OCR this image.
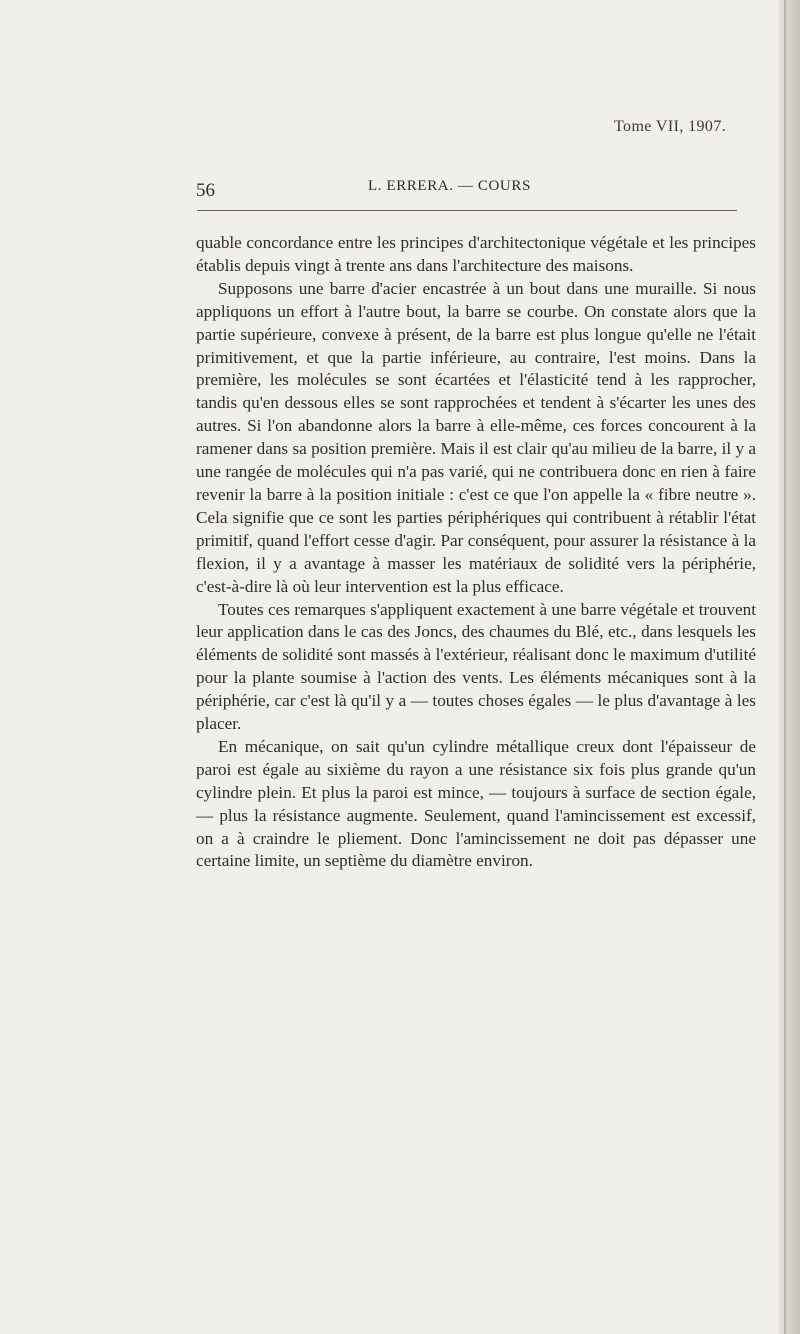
Tome VII, 1907.
56	L. ERRERA. — COURS

quable concordance entre les principes d'architectonique végétale et les principes établis depuis vingt à trente ans dans l'architecture des maisons.

Supposons une barre d'acier encastrée à un bout dans une muraille. Si nous appliquons un effort à l'autre bout, la barre se courbe. On constate alors que la partie supérieure, convexe à présent, de la barre est plus longue qu'elle ne l'était primitivement, et que la partie inférieure, au contraire, l'est moins. Dans la première, les molécules se sont écartées et l'élasticité tend à les rapprocher, tandis qu'en dessous elles se sont rapprochées et tendent à s'écarter les unes des autres. Si l'on abandonne alors la barre à elle-même, ces forces concourent à la ramener dans sa position première. Mais il est clair qu'au milieu de la barre, il y a une rangée de molécules qui n'a pas varié, qui ne contribuera donc en rien à faire revenir la barre à la position initiale : c'est ce que l'on appelle la « fibre neutre ». Cela signifie que ce sont les parties périphériques qui contribuent à rétablir l'état primitif, quand l'effort cesse d'agir. Par conséquent, pour assurer la résistance à la flexion, il y a avantage à masser les matériaux de solidité vers la périphérie, c'est-à-dire là où leur intervention est la plus efficace.

Toutes ces remarques s'appliquent exactement à une barre végétale et trouvent leur application dans le cas des Joncs, des chaumes du Blé, etc., dans lesquels les éléments de solidité sont massés à l'extérieur, réalisant donc le maximum d'utilité pour la plante soumise à l'action des vents. Les éléments mécaniques sont à la périphérie, car c'est là qu'il y a — toutes choses égales — le plus d'avantage à les placer.

En mécanique, on sait qu'un cylindre métallique creux dont l'épaisseur de paroi est égale au sixième du rayon a une résistance six fois plus grande qu'un cylindre plein. Et plus la paroi est mince, — toujours à surface de section égale, — plus la résistance augmente. Seulement, quand l'amincissement est excessif, on a à craindre le pliement. Donc l'amincissement ne doit pas dépasser une certaine limite, un septième du diamètre environ.
